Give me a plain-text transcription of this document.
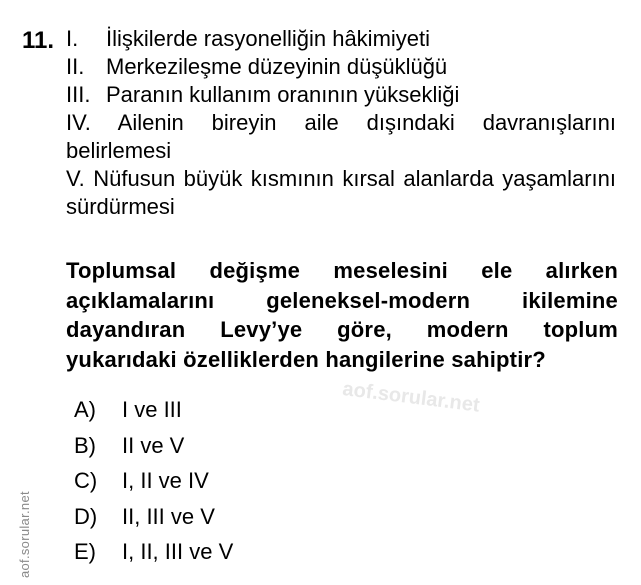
11. I.	İlişkilerde rasyonelliğin hâkimiyeti
II. Merkezileşme düzeyinin düşüklüğü
III. Paranın kullanım oranının yüksekliği
IV. Ailenin bireyin aile dışındaki davranışlarını belirlemesi
V. Nüfusun büyük kısmının kırsal alanlarda yaşamlarını sürdürmesi
Toplumsal değişme meselesini ele alırken açıklamalarını geleneksel-modern ikilemine dayandıran Levy’ye göre, modern toplum yukarıdaki özelliklerden hangilerine sahiptir?
aof.sorular.net
A) I ve III
B) II ve V
C) I, II ve IV
D) II, III ve V
E) I, II, III ve V
aof.sorular.net
